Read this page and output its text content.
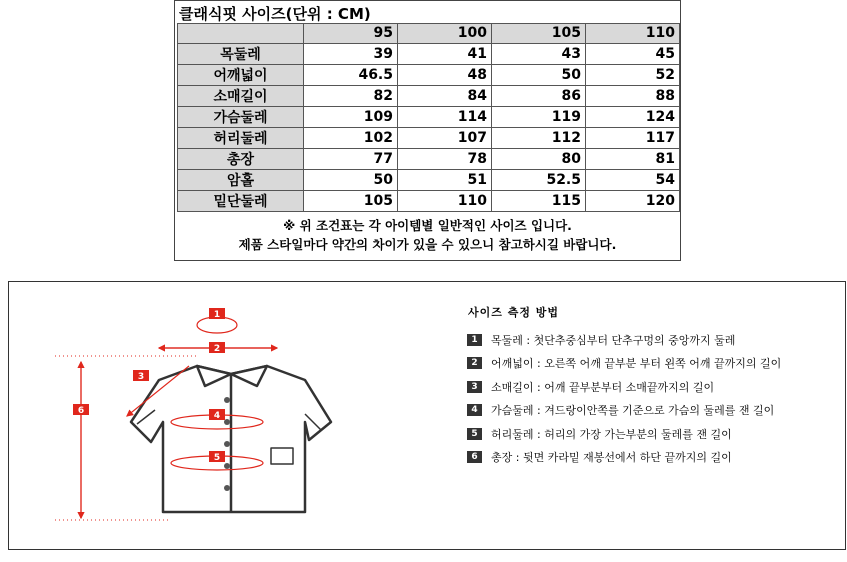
클래식핏 사이즈(단위 : CM)
	95	100	105	110
목둘레	39	41	43	45
어깨넓이	46.5	48	50	52
소매길이	82	84	86	88
가슴둘레	109	114	119	124
허리둘레	102	107	112	117
총장	77	78	80	81
암홀	50	51	52.5	54
밑단둘레	105	110	115	120
※ 위 조건표는 각 아이템별 일반적인 사이즈 입니다.
제품 스타일마다 약간의 차이가 있을 수 있으니 참고하시길 바랍니다.
1
2
3
4
5
6
사이즈 측정 방법
1	목둘레 : 첫단추중심부터 단추구멍의 중앙까지 둘레
2	어깨넓이 : 오른쪽 어깨 끝부분 부터 왼쪽 어깨 끝까지의 길이
3	소매길이 : 어깨 끝부분부터 소매끝까지의 길이
4	가슴둘레 : 겨드랑이안쪽를 기준으로 가슴의 둘레를 잰 길이
5	허리둘레 : 허리의 가장 가는부분의 둘레를 잰 길이
6	총장 : 뒷면 카라밑 재봉선에서 하단 끝까지의 길이
